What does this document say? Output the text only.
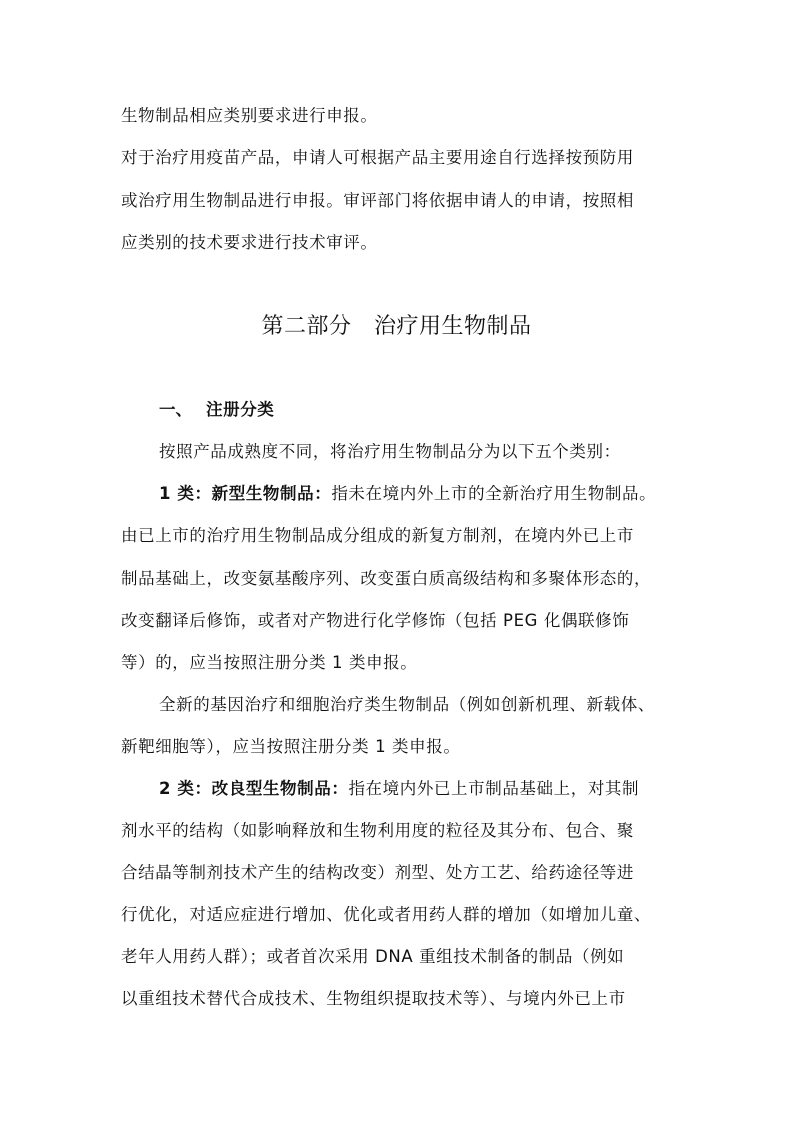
生物制品相应类别要求进行申报。
对于治疗用疫苗产品，申请人可根据产品主要用途自行选择按预防用
或治疗用生物制品进行申报。审评部门将依据申请人的申请，按照相
应类别的技术要求进行技术审评。
第二部分　治疗用生物制品
一、 注册分类
按照产品成熟度不同，将治疗用生物制品分为以下五个类别：
1 类：新型生物制品：指未在境内外上市的全新治疗用生物制品。
由已上市的治疗用生物制品成分组成的新复方制剂，在境内外已上市
制品基础上，改变氨基酸序列、改变蛋白质高级结构和多聚体形态的，
改变翻译后修饰，或者对产物进行化学修饰（包括 PEG 化偶联修饰
等）的，应当按照注册分类 1 类申报。
全新的基因治疗和细胞治疗类生物制品（例如创新机理、新载体、
新靶细胞等），应当按照注册分类 1 类申报。
2 类：改良型生物制品：指在境内外已上市制品基础上，对其制
剂水平的结构（如影响释放和生物利用度的粒径及其分布、包合、聚
合结晶等制剂技术产生的结构改变）剂型、处方工艺、给药途径等进
行优化，对适应症进行增加、优化或者用药人群的增加（如增加儿童、
老年人用药人群）；或者首次采用 DNA 重组技术制备的制品（例如
以重组技术替代合成技术、生物组织提取技术等）、与境内外已上市
